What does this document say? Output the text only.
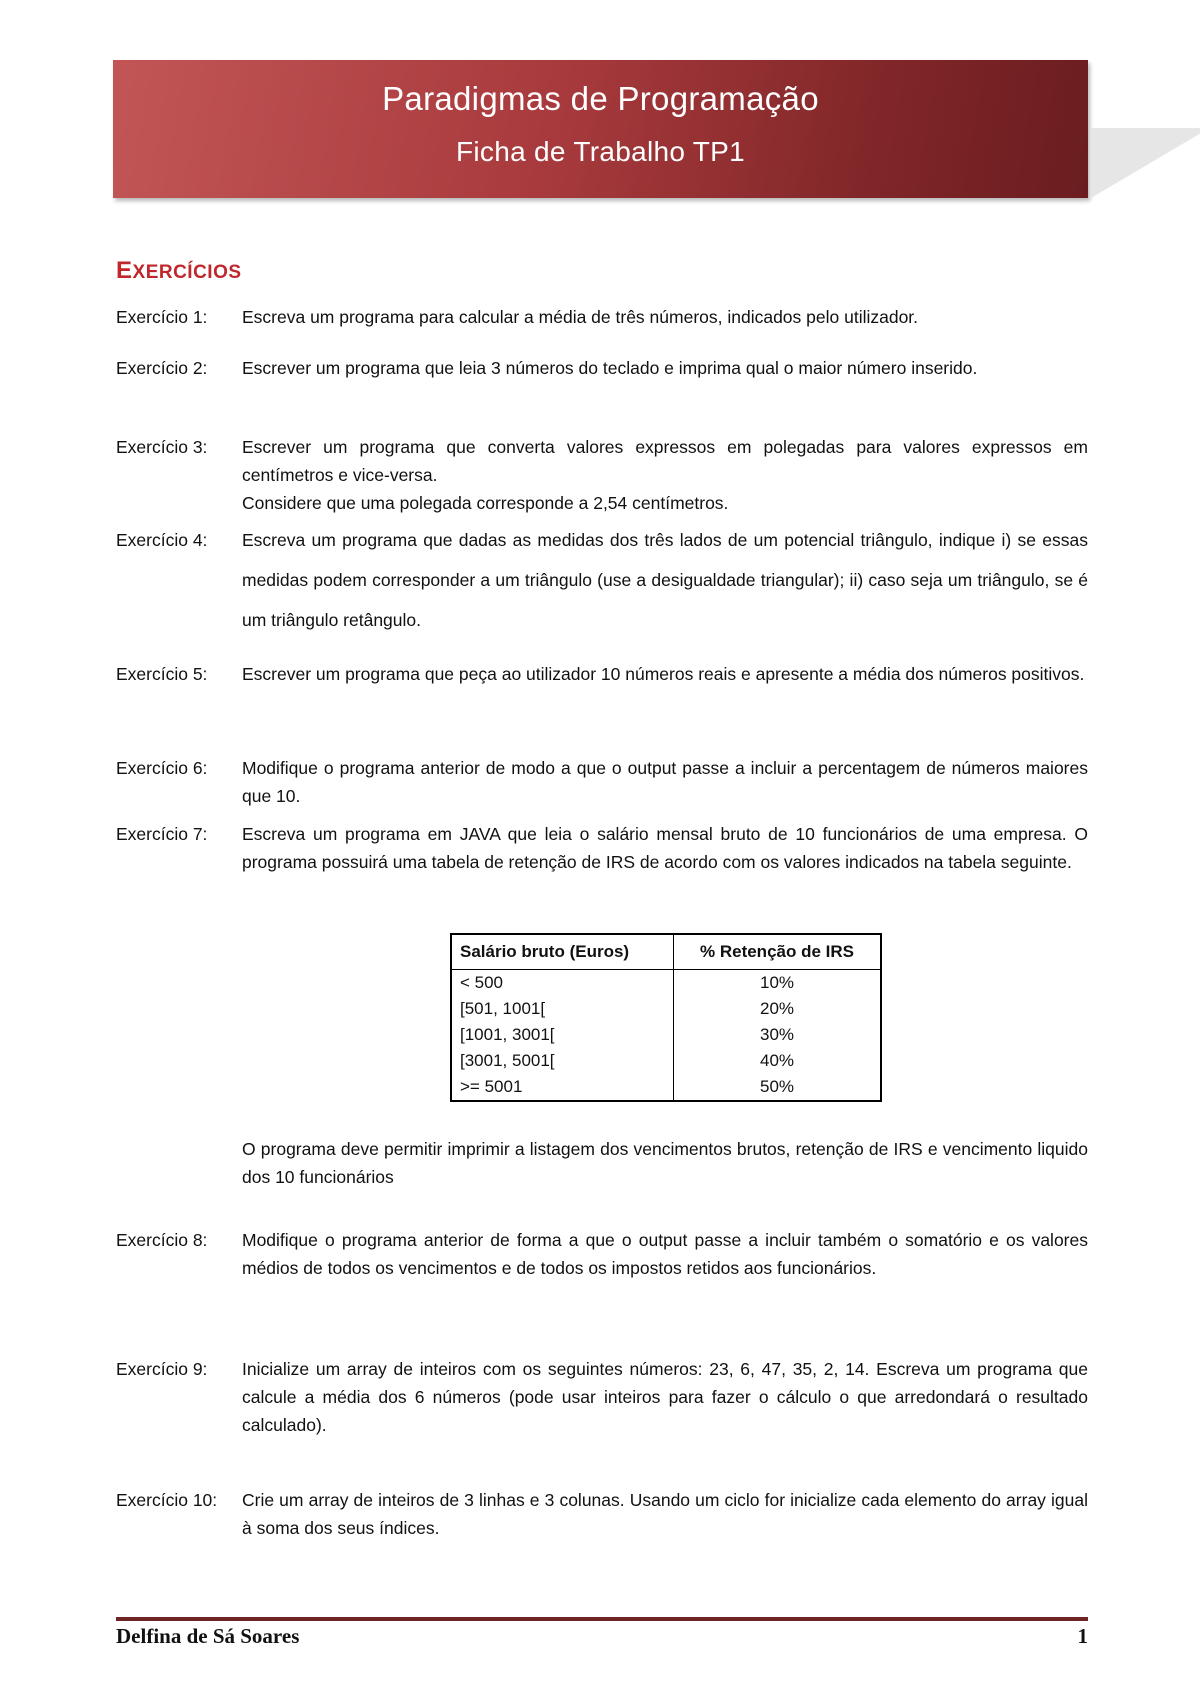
Paradigmas de Programação
Ficha de Trabalho TP1
EXERCÍCIOS
Exercício 1:	Escreva um programa para calcular a média de três números, indicados pelo utilizador.
Exercício 2:	Escrever um programa que leia 3 números do teclado e imprima qual o maior número inserido.
Exercício 3:	Escrever um programa que converta valores expressos em polegadas para valores expressos em centímetros e vice-versa.

Considere que uma polegada corresponde a 2,54 centímetros.

Exercício 4:	Escreva um programa que dadas as medidas dos três lados de um potencial triângulo, indique i) se essas medidas podem corresponder a um triângulo (use a desigualdade triangular); ii) caso seja um triângulo, se é um triângulo retângulo.
Exercício 5:	Escrever um programa que peça ao utilizador 10 números reais e apresente a média dos números positivos.
Exercício 6:	Modifique o programa anterior de modo a que o output passe a incluir a percentagem de números maiores que 10.
Exercício 7:	Escreva um programa em JAVA que leia o salário mensal bruto de 10 funcionários de uma empresa. O programa possuirá uma tabela de retenção de IRS de acordo com os valores indicados na tabela seguinte.
Salário bruto (Euros)	% Retenção de IRS
< 500	10%
[501, 1001[	20%
[1001, 3001[	30%
[3001, 5001[	40%
>= 5001	50%
O programa deve permitir imprimir a listagem dos vencimentos brutos, retenção de IRS e vencimento liquido dos 10 funcionários
Exercício 8:	Modifique o programa anterior de forma a que o output passe a incluir também o somatório e os valores médios de todos os vencimentos e de todos os impostos retidos aos funcionários.
Exercício 9:	Inicialize um array de inteiros com os seguintes números: 23, 6, 47, 35, 2, 14. Escreva um programa que calcule a média dos 6 números (pode usar inteiros para fazer o cálculo o que arredondará o resultado calculado).
Exercício 10:	Crie um array de inteiros de 3 linhas e 3 colunas. Usando um ciclo for inicialize cada elemento do array igual à soma dos seus índices.
Delfina de Sá Soares	1
